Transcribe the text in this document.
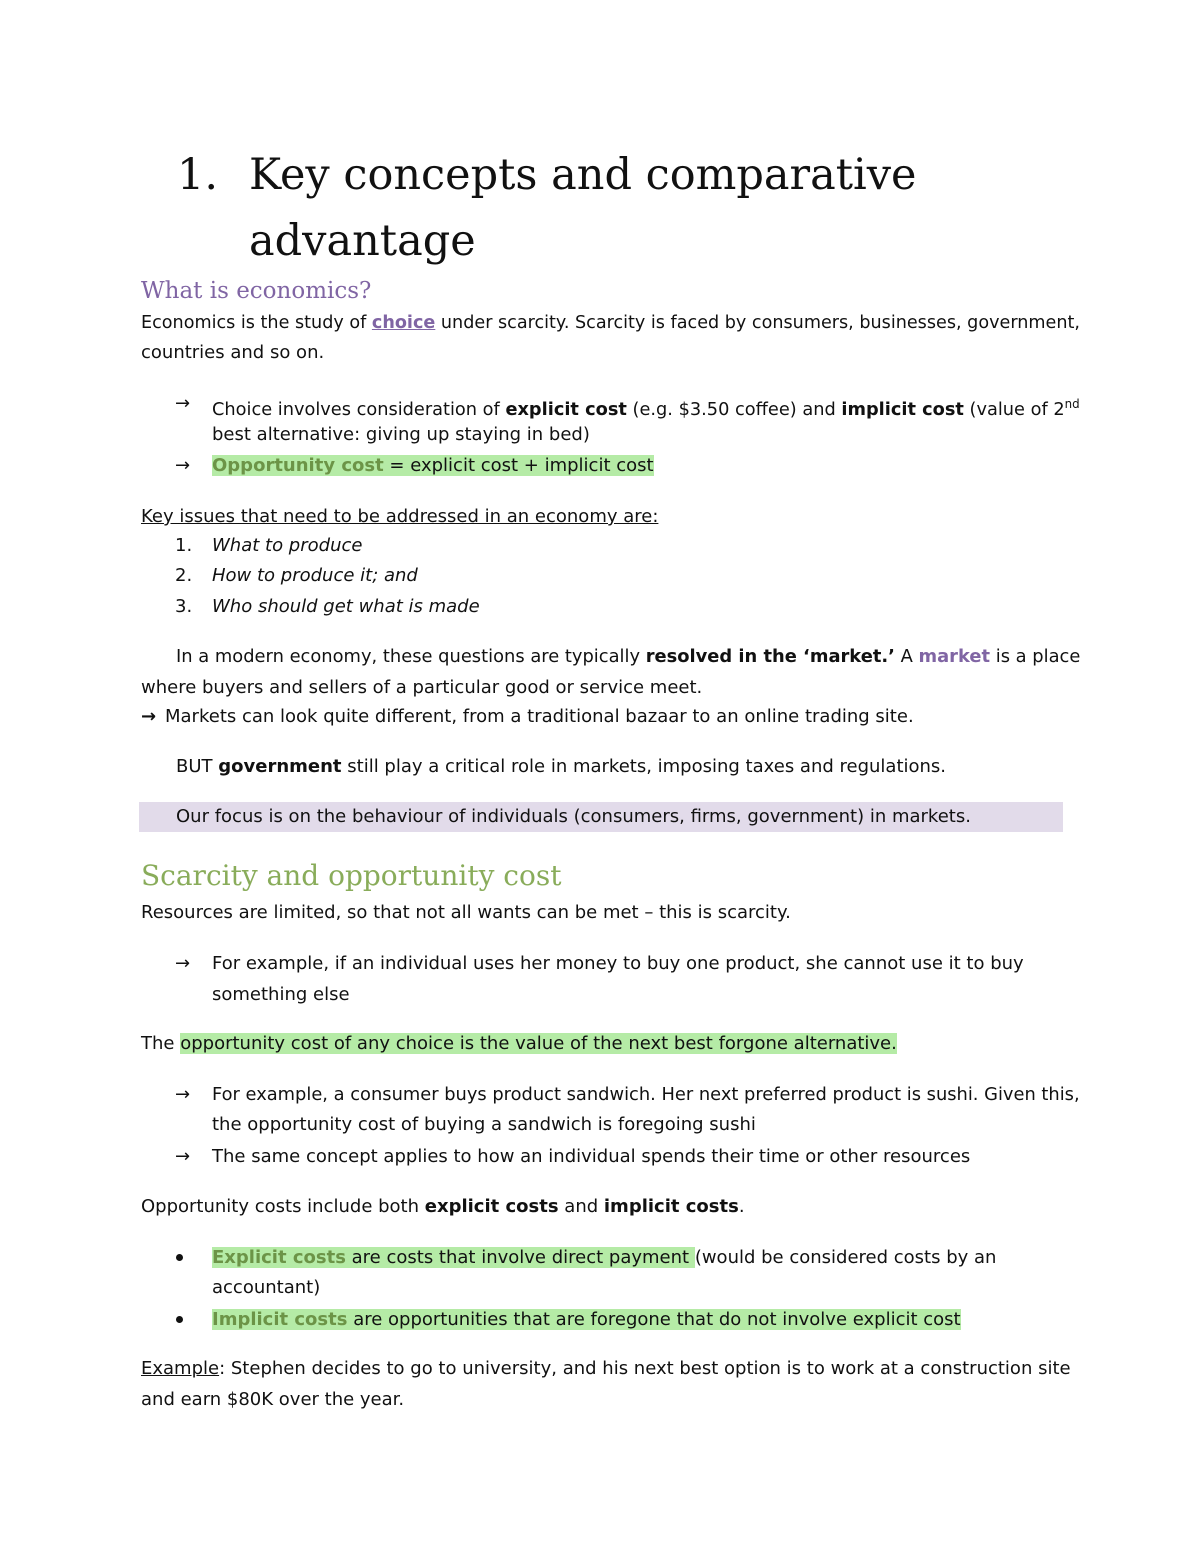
1. Key concepts and comparative
advantage
What is economics?
Economics is the study of choice under scarcity. Scarcity is faced by consumers, businesses, government,
countries and so on.
→ Choice involves consideration of explicit cost (e.g. $3.50 coffee) and implicit cost (value of 2nd
best alternative: giving up staying in bed)
→ Opportunity cost = explicit cost + implicit cost
Key issues that need to be addressed in an economy are:
1. What to produce
2. How to produce it; and
3. Who should get what is made
In a modern economy, these questions are typically resolved in the ‘market.’ A market is a place
where buyers and sellers of a particular good or service meet.
→ Markets can look quite different, from a traditional bazaar to an online trading site.
BUT government still play a critical role in markets, imposing taxes and regulations.
Our focus is on the behaviour of individuals (consumers, firms, government) in markets.
Scarcity and opportunity cost
Resources are limited, so that not all wants can be met – this is scarcity.
→ For example, if an individual uses her money to buy one product, she cannot use it to buy
something else
The opportunity cost of any choice is the value of the next best forgone alternative.
→ For example, a consumer buys product sandwich. Her next preferred product is sushi. Given this,
the opportunity cost of buying a sandwich is foregoing sushi
→ The same concept applies to how an individual spends their time or other resources
Opportunity costs include both explicit costs and implicit costs.
Explicit costs are costs that involve direct payment (would be considered costs by an
accountant)
Implicit costs are opportunities that are foregone that do not involve explicit cost
Example: Stephen decides to go to university, and his next best option is to work at a construction site
and earn $80K over the year.
